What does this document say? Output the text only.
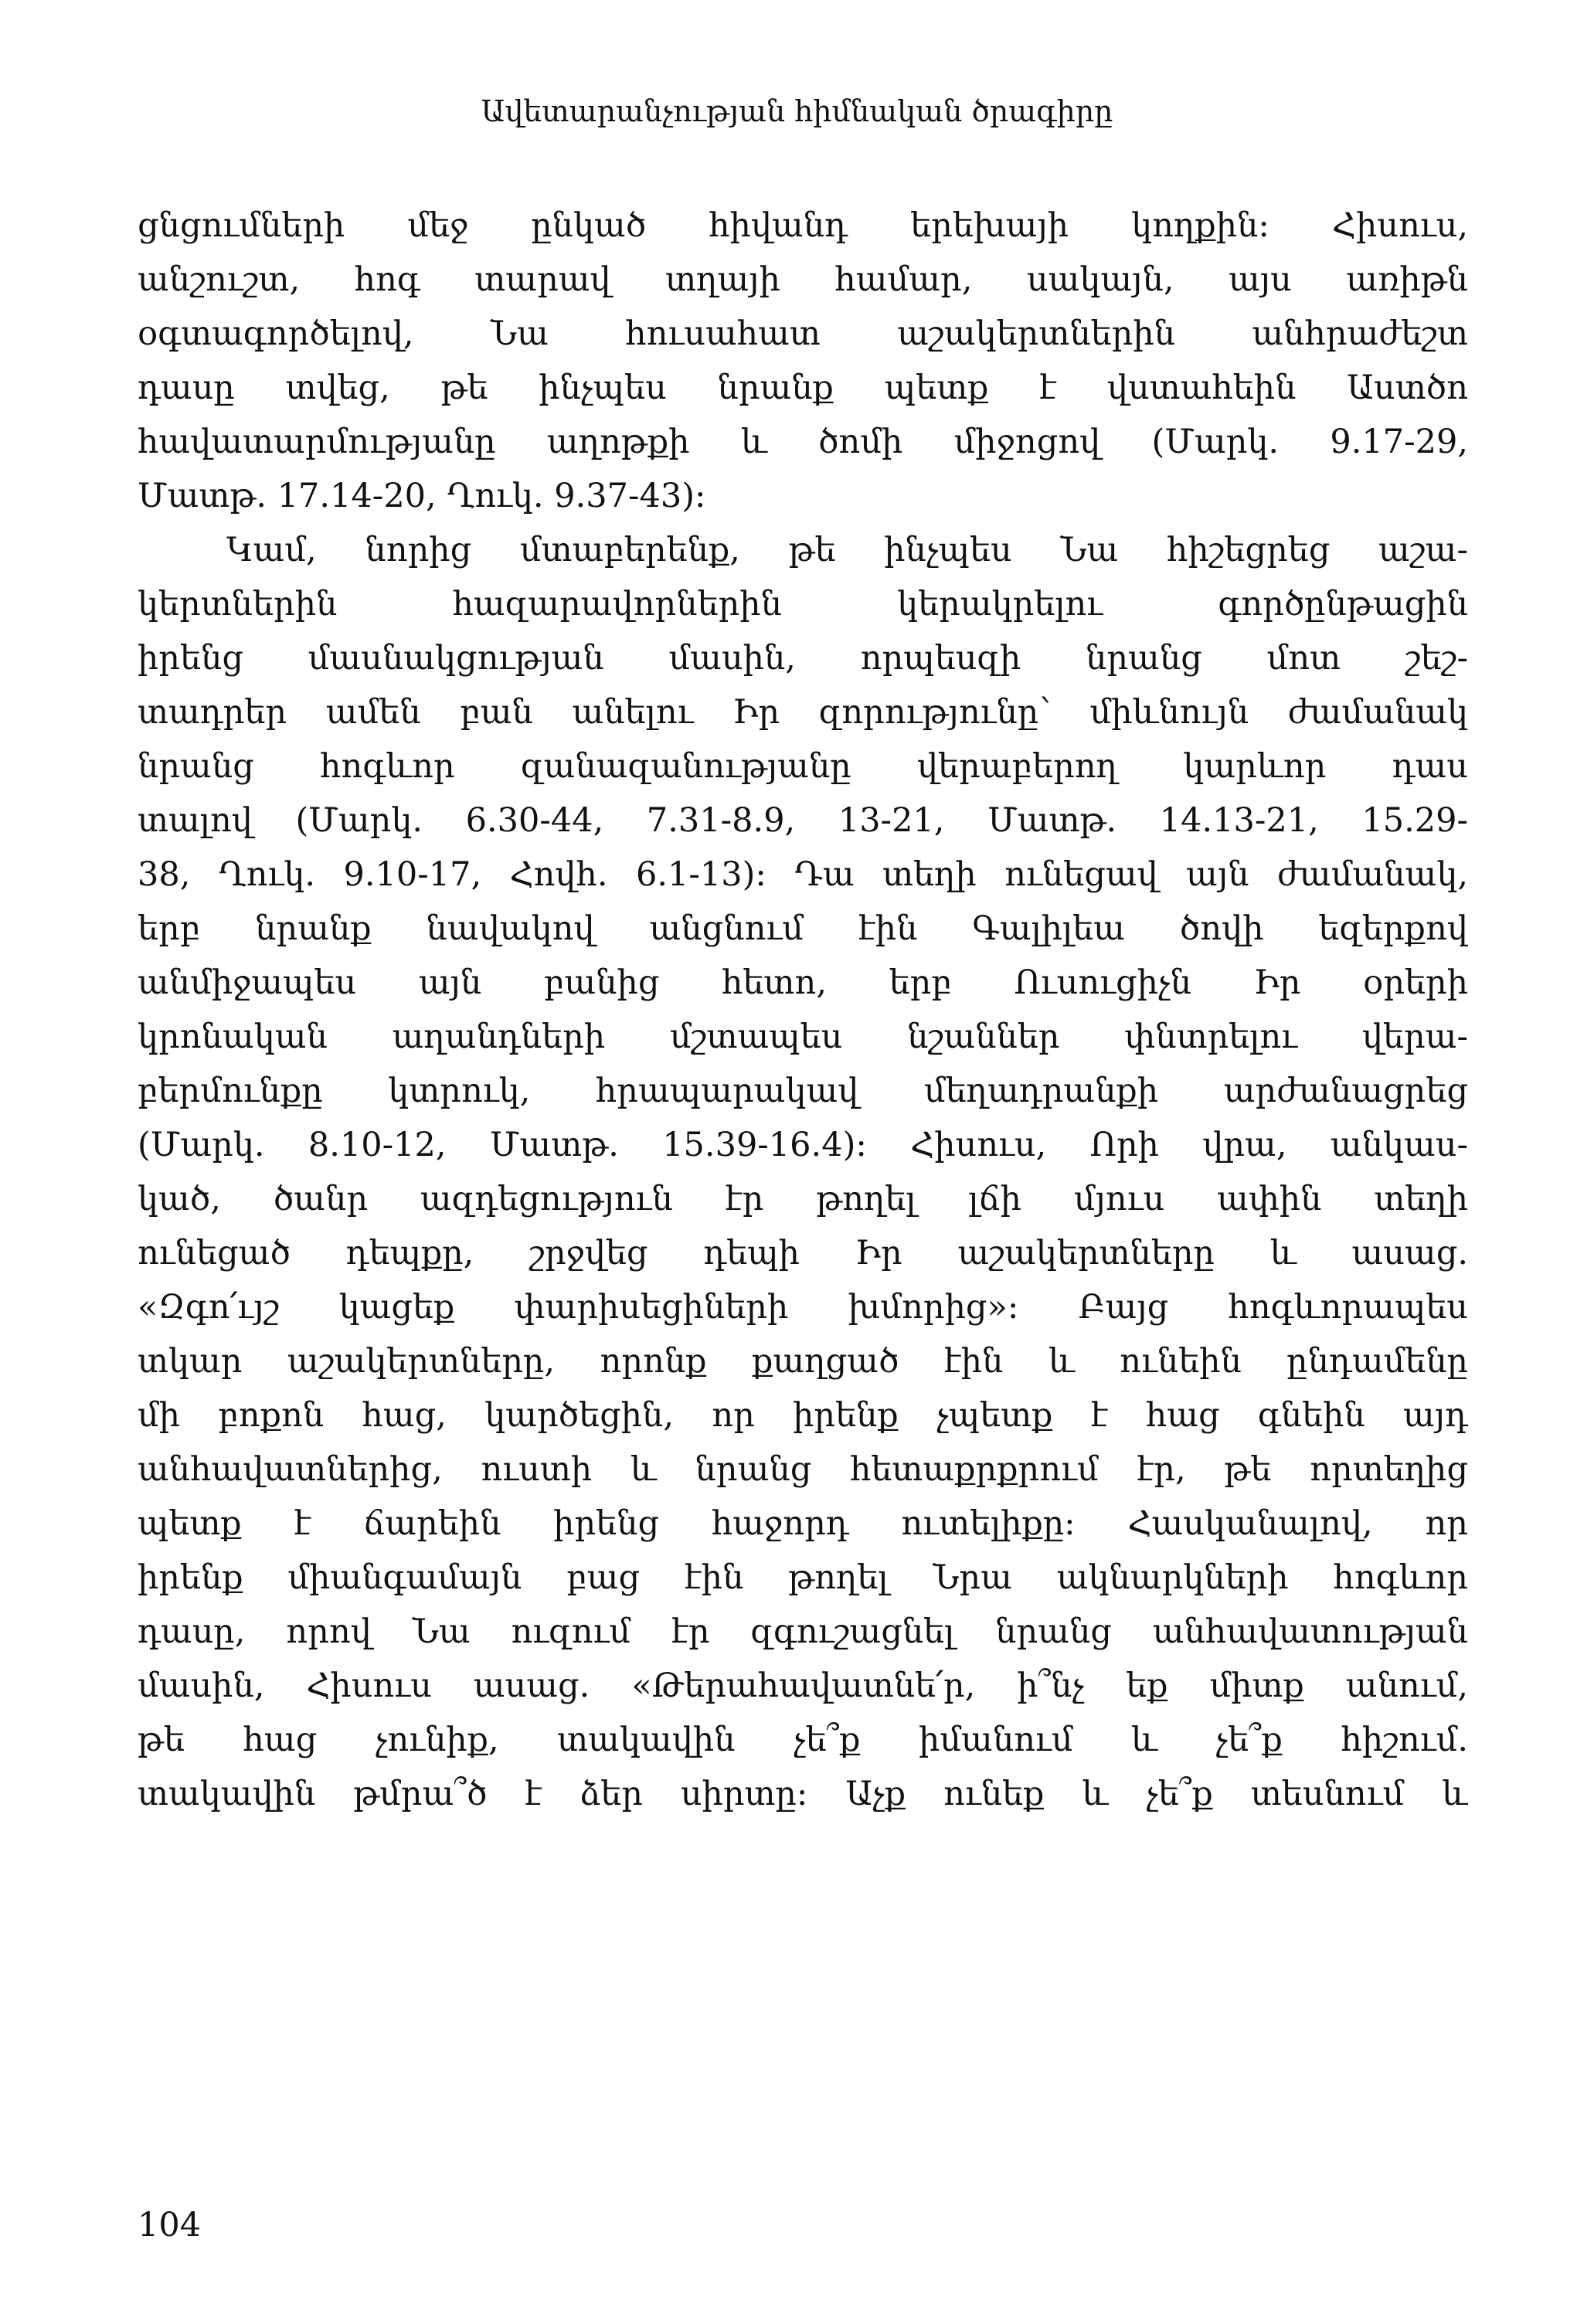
Ավետարանչության հիմնական ծրագիրը
ցնցումների մեջ ընկած հիվանդ երեխայի կողքին։ Հիսուս,
անշուշտ, հոգ տարավ տղայի համար, սակայն, այս առիթն
օգտագործելով, Նա հուսահատ աշակերտներին անհրաժեշտ
դասը տվեց, թե ինչպես նրանք պետք է վստահեին Աստծո
հավատարմությանը աղոթքի և ծոմի միջոցով (Մարկ. 9.17-29,
Մատթ. 17.14-20, Ղուկ. 9.37-43)։
Կամ, նորից մտաբերենք, թե ինչպես Նա հիշեցրեց աշա-
կերտներին հազարավորներին կերակրելու գործընթացին
իրենց մասնակցության մասին, որպեսզի նրանց մոտ շեշ-
տադրեր ամեն բան անելու Իր զորությունը՝ միևնույն ժամանակ
նրանց հոգևոր զանազանությանը վերաբերող կարևոր դաս
տալով (Մարկ. 6.30-44, 7.31-8.9, 13-21, Մատթ. 14.13-21, 15.29-
38, Ղուկ. 9.10-17, Հովհ. 6.1-13)։ Դա տեղի ունեցավ այն ժամանակ,
երբ նրանք նավակով անցնում էին Գալիլեա ծովի եզերքով
անմիջապես այն բանից հետո, երբ Ուսուցիչն Իր օրերի
կրոնական աղանդների մշտապես նշաններ փնտրելու վերա-
բերմունքը կտրուկ, հրապարակավ մեղադրանքի արժանացրեց
(Մարկ. 8.10-12, Մատթ. 15.39-16.4)։ Հիսուս, Որի վրա, անկաս-
կած, ծանր ազդեցություն էր թողել լճի մյուս ափին տեղի
ունեցած դեպքը, շրջվեց դեպի Իր աշակերտները և ասաց.
«Զգո՛ւյշ կացեք փարիսեցիների խմորից»։ Բայց հոգևորապես
տկար աշակերտները, որոնք քաղցած էին և ունեին ընդամենը
մի բոքոն հաց, կարծեցին, որ իրենք չպետք է հաց գնեին այդ
անհավատներից, ուստի և նրանց հետաքրքրում էր, թե որտեղից
պետք է ճարեին իրենց հաջորդ ուտելիքը։ Հասկանալով, որ
իրենք միանգամայն բաց էին թողել Նրա ակնարկների հոգևոր
դասը, որով Նա ուզում էր զգուշացնել նրանց անհավատության
մասին, Հիսուս ասաց. «Թերահավատնե՛ր, ի՞նչ եք միտք անում,
թե հաց չունիք, տակավին չե՞ք իմանում և չե՞ք հիշում.
տակավին թմրա՞ծ է ձեր սիրտը։ Աչք ունեք և չե՞ք տեսնում և
104
